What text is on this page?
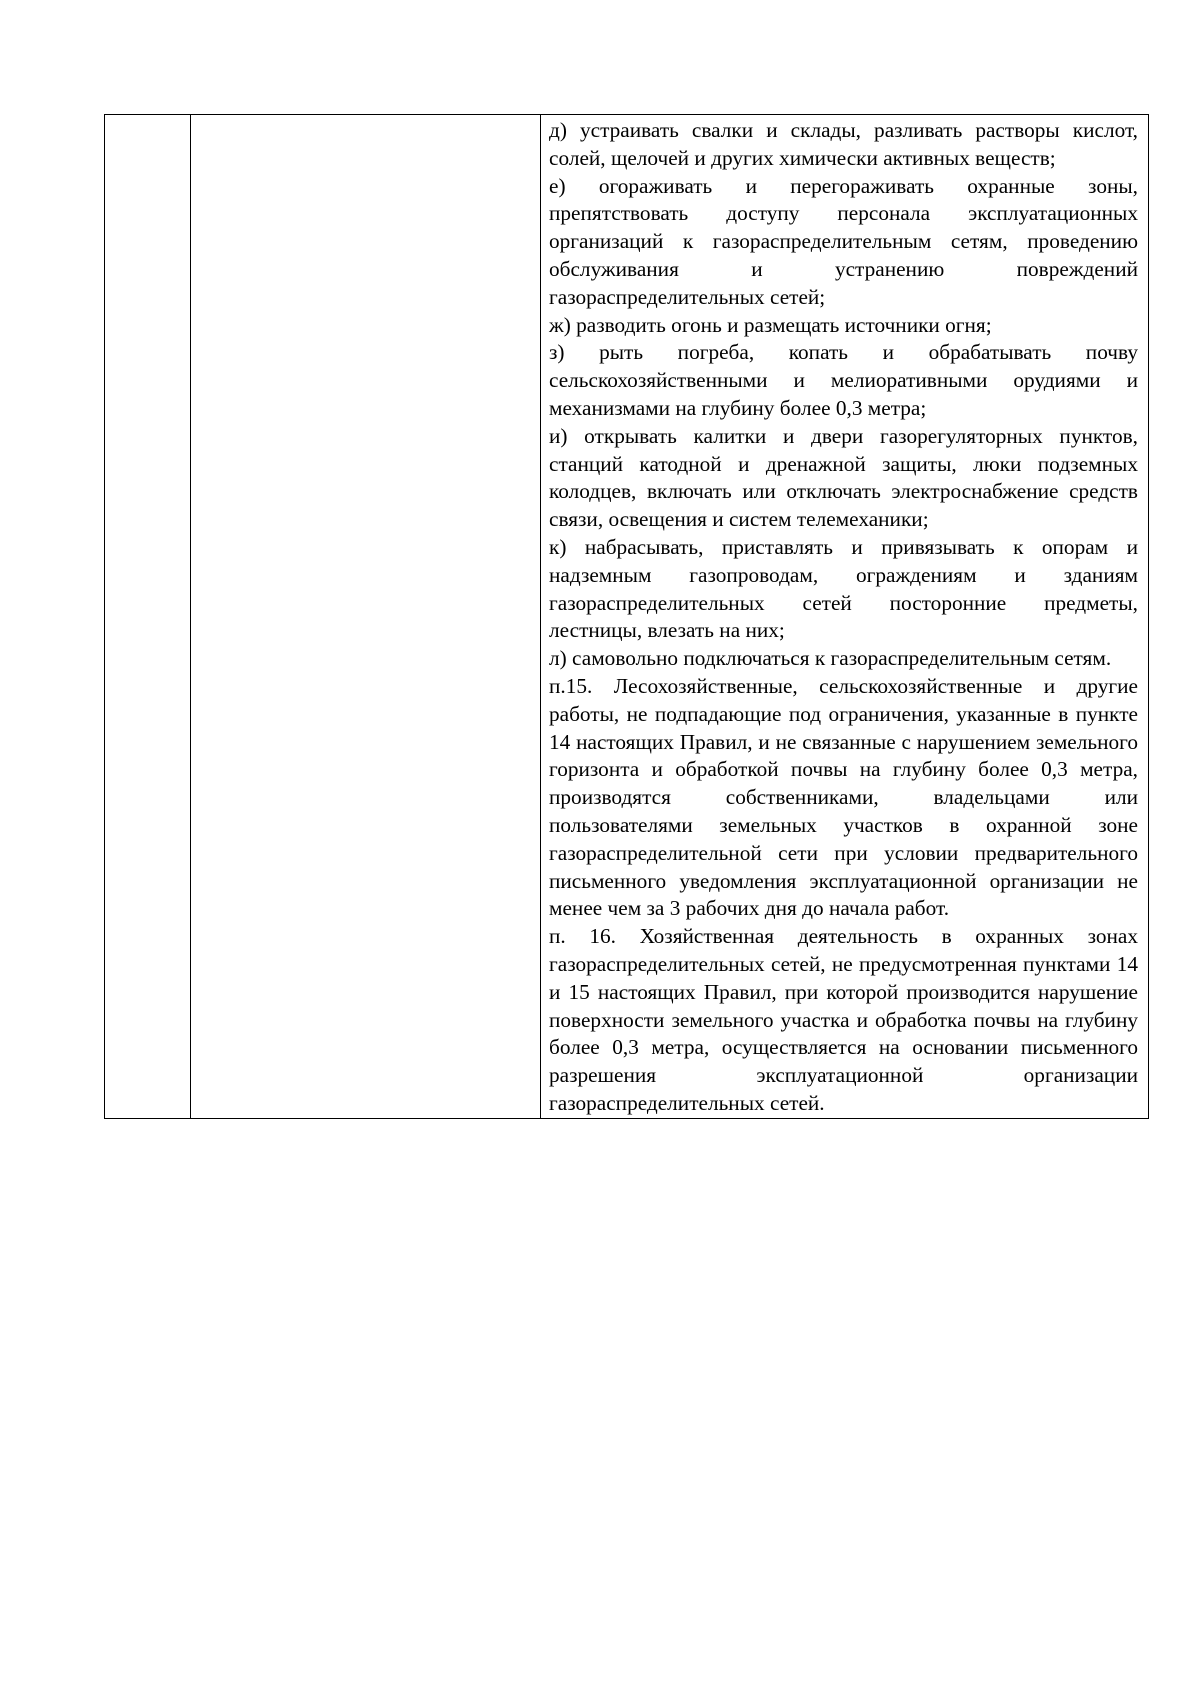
д) устраивать свалки и склады, разливать растворы кислот, солей, щелочей и других химически активных веществ;

е) огораживать и перегораживать охранные зоны, препятствовать доступу персонала эксплуатационных организаций к газораспределительным сетям, проведению обслуживания и устранению повреждений газораспределительных сетей;

ж) разводить огонь и размещать источники огня;

з) рыть погреба, копать и обрабатывать почву сельскохозяйственными и мелиоративными орудиями и механизмами на глубину более 0,3 метра;

и) открывать калитки и двери газорегуляторных пунктов, станций катодной и дренажной защиты, люки подземных колодцев, включать или отключать электроснабжение средств связи, освещения и систем телемеханики;

к) набрасывать, приставлять и привязывать к опорам и надземным газопроводам, ограждениям и зданиям газораспределительных сетей посторонние предметы, лестницы, влезать на них;

л) самовольно подключаться к газораспределительным сетям.

п.15. Лесохозяйственные, сельскохозяйственные и другие работы, не подпадающие под ограничения, указанные в пункте 14 настоящих Правил, и не связанные с нарушением земельного горизонта и обработкой почвы на глубину более 0,3 метра, производятся собственниками, владельцами или пользователями земельных участков в охранной зоне газораспределительной сети при условии предварительного письменного уведомления эксплуатационной организации не менее чем за 3 рабочих дня до начала работ.

п. 16. Хозяйственная деятельность в охранных зонах газораспределительных сетей, не предусмотренная пунктами 14 и 15 настоящих Правил, при которой производится нарушение поверхности земельного участка и обработка почвы на глубину более 0,3 метра, осуществляется на основании письменного разрешения эксплуатационной организации газораспределительных сетей.
